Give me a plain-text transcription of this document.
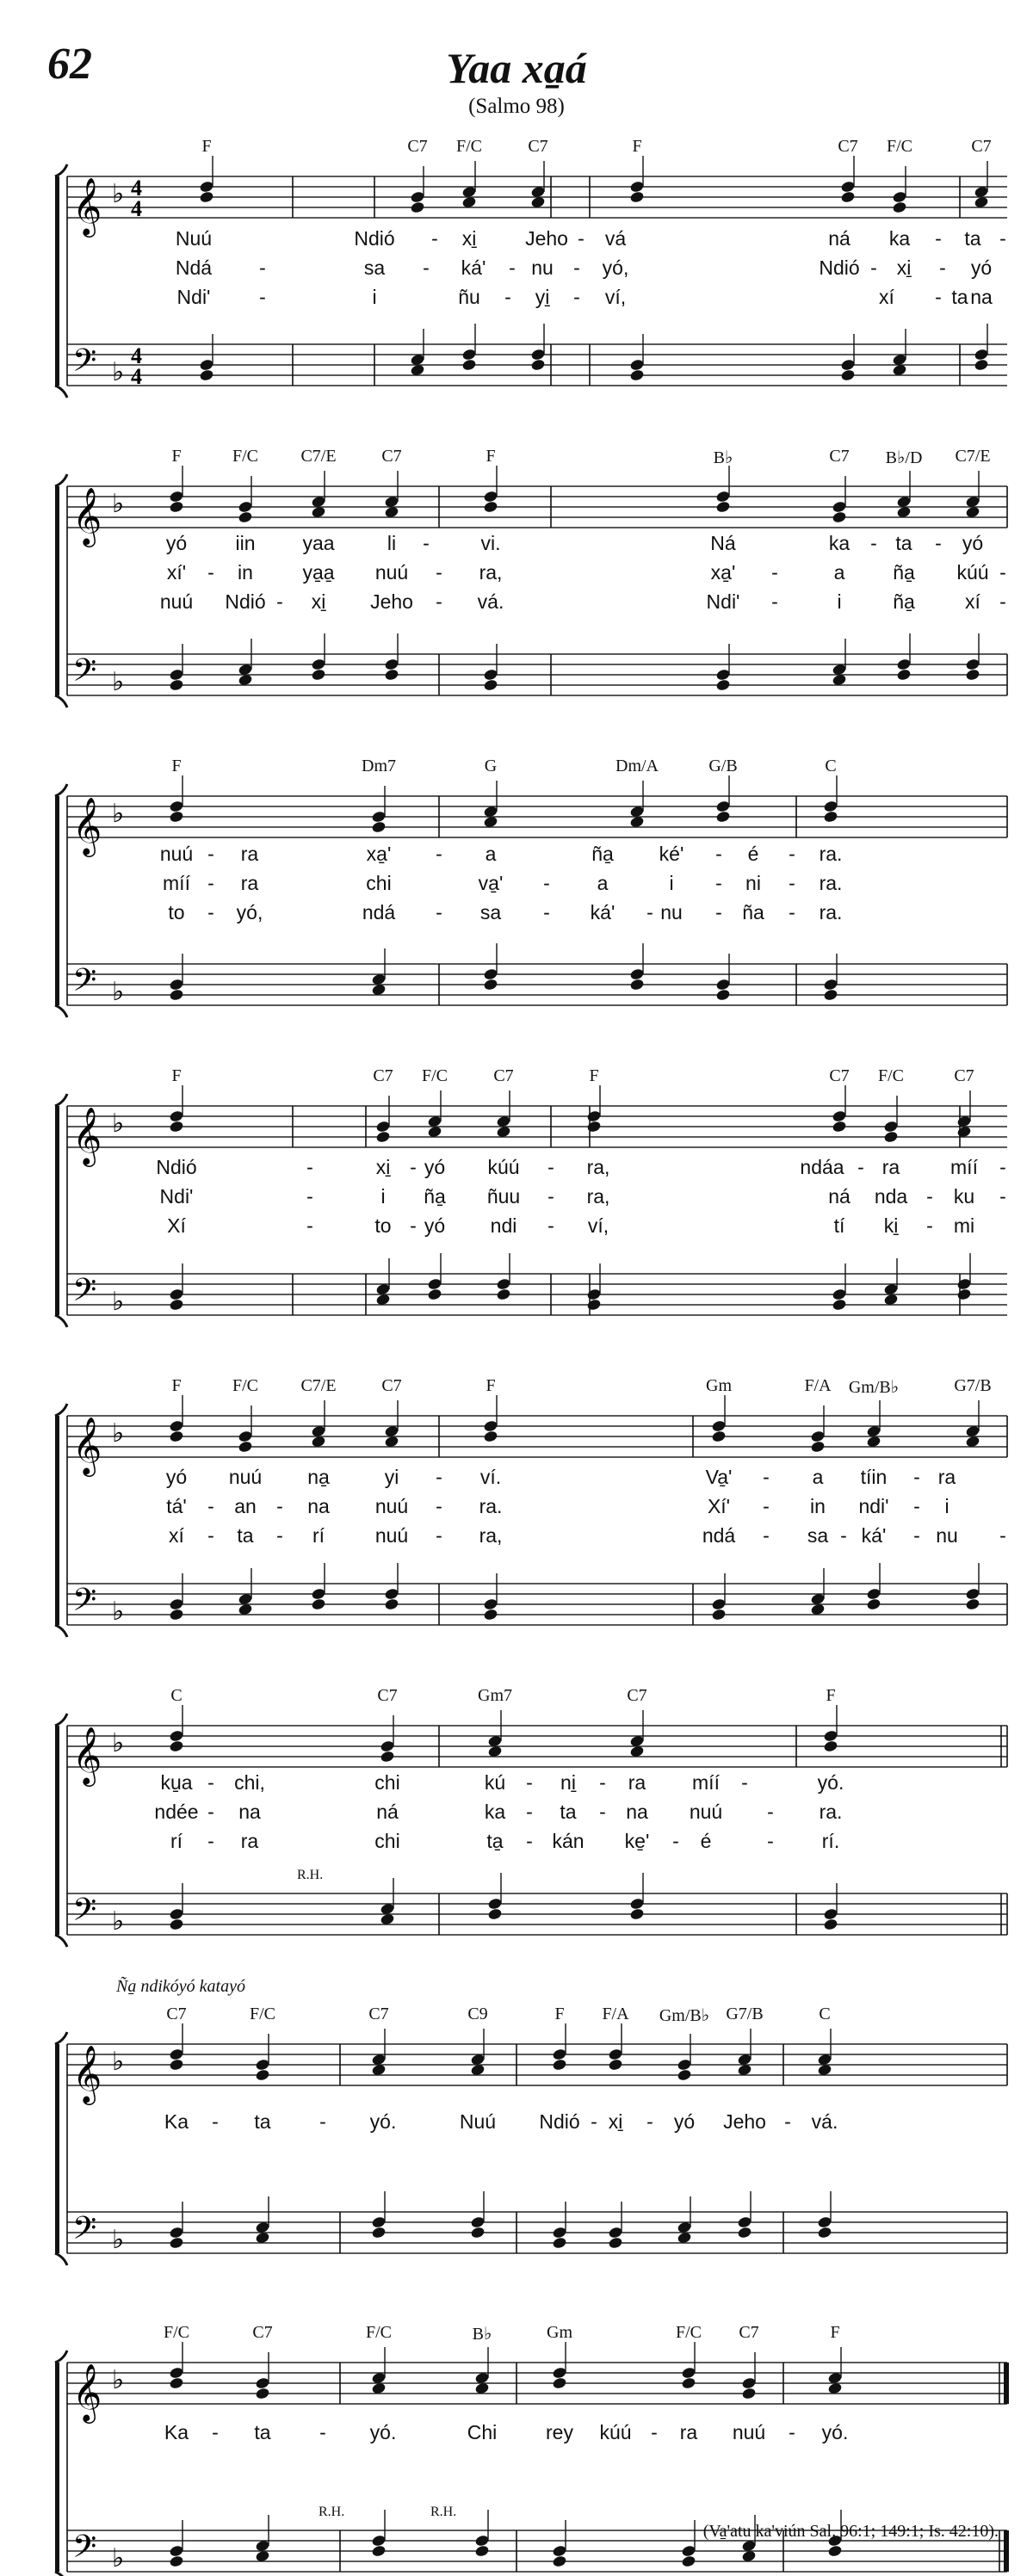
62	Yaa xa̱á
(Salmo 98)
𝄞
𝄢
♭
♭
4
4
4
4
F	C7 F/C	C7	F	C7 F/C	C7
Nuú	Ndió - xi̱ Jeho - vá	ná ka - ta -
Ndá -	sa - ká' - nu - yó,	Ndió - xi̱ - yó
Ndi' -	i	ñu - yi̱ - ví,	xí - ta na
𝄞
𝄢
♭
♭
F	F/C C7/E	C7	F	B♭	C7 B♭/D C7/E
yó iin yaa	li -	vi.	Ná	ka - ta - yó
xí' - in	ya̱a̱ nuú - ra,	xa̱' -	a ña̱ kúú -
nuú Ndió - xi̱ Jeho - vá.	Ndi' -	i	ña̱	xí -
𝄞
𝄢
♭
♭
F	Dm7	G	Dm/A	G/B	C
nuú - ra	xa̱' - a	ña̱ ké' - é - ra.
míí - ra	chi	va̱' - a	i - ni - ra.
to - yó,	ndá - sa - ká' - nu - ña - ra.
𝄞
𝄢
♭
♭
F	C7 F/C	C7	F	C7 F/C	C7
Ndió	-	xi̱ - yó kúú - ra,	ndáa - ra	míí -
Ndi'	-	i ña̱ ñuu - ra,	ná nda - ku -
Xí	-	to - yó ndi - ví,	tí ki̱ - mi
𝄞
𝄢
♭
♭
F	F/C C7/E	C7	F	Gm	F/A Gm/B♭	G7/B
yó nuú na̱	yi - ví.	Va̱' - a tíin - ra
tá' - an - na nuú - ra.	Xí' - in ndi' - i
xí - ta - rí	nuú - ra,	ndá - sa - ká' - nu -
𝄞
𝄢
♭
♭
C	C7	Gm7	C7	F
ku̱a - chi,	chi	kú - ni̱ - ra míí -	yó.
ndée - na	ná	ka - ta - na nuú - ra.
rí - ra	chi	ta̱ - kán ke̱' - é	- rí.
R.H.
𝄞
𝄢
♭
♭
C7	F/C	C7	C9	F F/A Gm/B♭ G7/B	C
Ka - ta - yó.	Nuú Ndió - xi̱ - yó Jeho - vá.
Ña̱ ndikóyó katayó
𝄞
𝄢
♭
♭
F/C	C7	F/C	B♭	Gm	F/C C7	F
Ka - ta - yó.	Chi rey kúú - ra nuú - yó.
R.H.	R.H.
(Va̱'atu ka'viún Sal. 96:1; 149:1; Is. 42:10).
